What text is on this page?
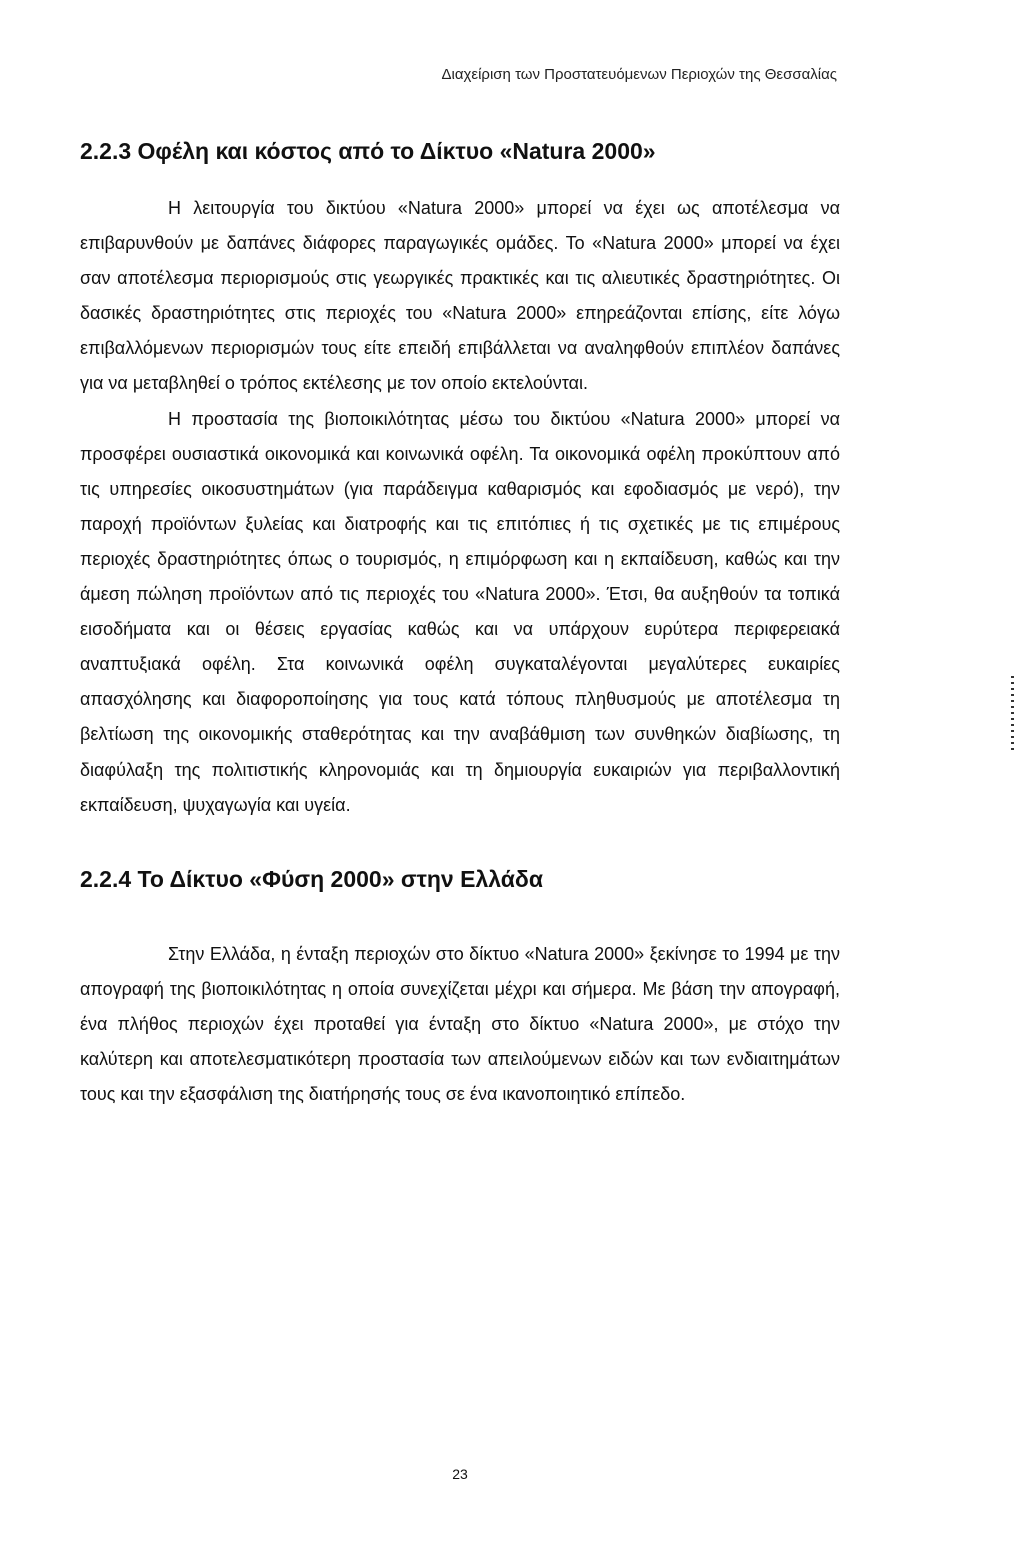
Διαχείριση των Προστατευόμενων Περιοχών της Θεσσαλίας
2.2.3 Οφέλη και κόστος από το Δίκτυο «Natura 2000»

Η λειτουργία του δικτύου «Natura 2000» μπορεί να έχει ως αποτέλεσμα να επιβαρυνθούν με δαπάνες διάφορες παραγωγικές ομάδες. Το «Natura 2000» μπορεί να έχει σαν αποτέλεσμα περιορισμούς στις γεωργικές πρακτικές και τις αλιευτικές δραστηριότητες. Οι δασικές δραστηριότητες στις περιοχές του «Natura 2000» επηρεάζονται επίσης, είτε λόγω επιβαλλόμενων περιορισμών τους είτε επειδή επιβάλλεται να αναληφθούν επιπλέον δαπάνες για να μεταβληθεί ο τρόπος εκτέλεσης με τον οποίο εκτελούνται.

Η προστασία της βιοποικιλότητας μέσω του δικτύου «Natura 2000» μπορεί να προσφέρει ουσιαστικά οικονομικά και κοινωνικά οφέλη. Τα οικονομικά οφέλη προκύπτουν από τις υπηρεσίες οικοσυστημάτων (για παράδειγμα καθαρισμός και εφοδιασμός με νερό), την παροχή προϊόντων ξυλείας και διατροφής και τις επιτόπιες ή τις σχετικές με τις επιμέρους περιοχές δραστηριότητες όπως ο τουρισμός, η επιμόρφωση και η εκπαίδευση, καθώς και την άμεση πώληση προϊόντων από τις περιοχές του «Natura 2000». Έτσι, θα αυξηθούν τα τοπικά εισοδήματα και οι θέσεις εργασίας καθώς και να υπάρχουν ευρύτερα περιφερειακά αναπτυξιακά οφέλη. Στα κοινωνικά οφέλη συγκαταλέγονται μεγαλύτερες ευκαιρίες απασχόλησης και διαφοροποίησης για τους κατά τόπους πληθυσμούς με αποτέλεσμα τη βελτίωση της οικονομικής σταθερότητας και την αναβάθμιση των συνθηκών διαβίωσης, τη διαφύλαξη της πολιτιστικής κληρονομιάς και τη δημιουργία ευκαιριών για περιβαλλοντική εκπαίδευση, ψυχαγωγία και υγεία.

2.2.4 Το Δίκτυο «Φύση 2000» στην Ελλάδα

Στην Ελλάδα, η ένταξη περιοχών στο δίκτυο «Natura 2000» ξεκίνησε το 1994 με την απογραφή της βιοποικιλότητας η οποία συνεχίζεται μέχρι και σήμερα. Με βάση την απογραφή, ένα πλήθος περιοχών έχει προταθεί για ένταξη στο δίκτυο «Natura 2000», με στόχο την καλύτερη και αποτελεσματικότερη προστασία των απειλούμενων ειδών και των ενδιαιτημάτων τους και την εξασφάλιση της διατήρησής τους σε ένα ικανοποιητικό επίπεδο.

23
